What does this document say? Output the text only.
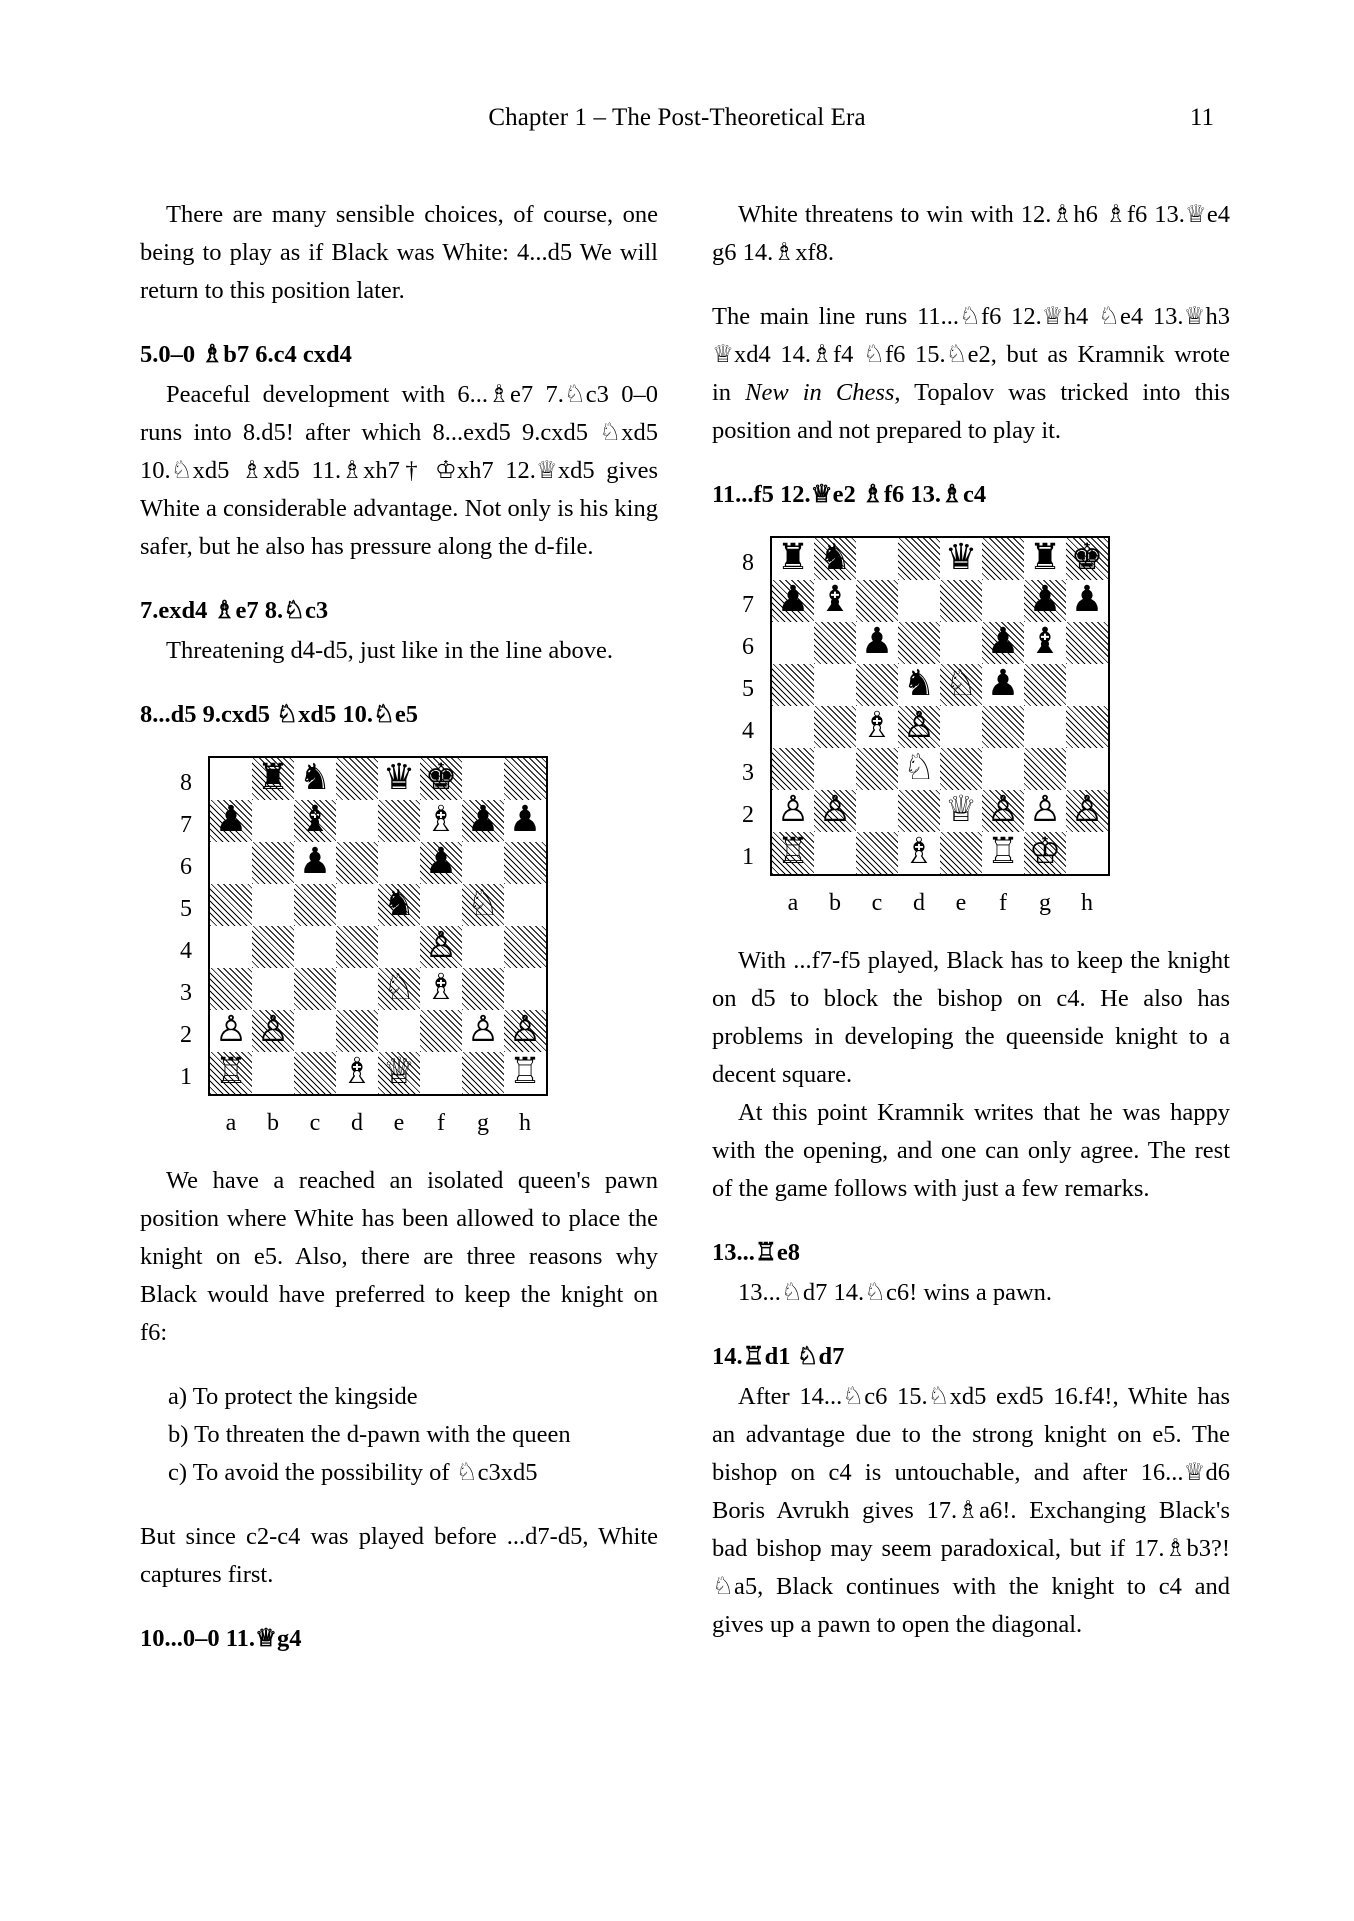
Chapter 1 – The Post-Theoretical Era	11

There are many sensible choices, of course, one being to play as if Black was White: 4...d5 We will return to this position later.

5.0–0 ♗b7 6.c4 cxd4

Peaceful development with 6...♗e7 7.♘c3 0–0 runs into 8.d5! after which 8...exd5 9.cxd5 ♘xd5 10.♘xd5 ♗xd5 11.♗xh7† ♔xh7 12.♕xd5 gives White a considerable advantage. Not only is his king safer, but he also has pressure along the d-file.

7.exd4 ♗e7 8.♘c3

Threatening d4-d5, just like in the line above.

8...d5 9.cxd5 ♘xd5 10.♘e5

♜ ♞ ♛ ♚
♟ ♝	♗ ♟ ♟
♟	♟
♞ ♘
♙
♘ ♗
♙ ♙	♙ ♙
♖	♗ ♕	♖
8
7
6
5
4
3
2
1
a	b	c	d	e	f	g	h

We have a reached an isolated queen's pawn position where White has been allowed to place the knight on e5. Also, there are three reasons why Black would have preferred to keep the knight on f6:

a) To protect the kingside
b) To threaten the d-pawn with the queen
c) To avoid the possibility of ♘c3xd5

But since c2-c4 was played before ...d7-d5, White captures first.

10...0–0 11.♕g4

White threatens to win with 12.♗h6 ♗f6 13.♕e4 g6 14.♗xf8.

The main line runs 11...♘f6 12.♕h4 ♘e4 13.♕h3 ♕xd4 14.♗f4 ♘f6 15.♘e2, but as Kramnik wrote in New in Chess, Topalov was tricked into this position and not prepared to play it.

11...f5 12.♕e2 ♗f6 13.♗c4

♜ ♞	♛ ♜ ♚
♟ ♝	♟ ♟
♟	♟ ♝
♞ ♘ ♟
♗ ♙
♘
♙ ♙	♕ ♙ ♙ ♙
♖	♗ ♖ ♔
8
7
6
5
4
3
2
1
a	b	c	d	e	f	g	h

With ...f7-f5 played, Black has to keep the knight on d5 to block the bishop on c4. He also has problems in developing the queenside knight to a decent square.

At this point Kramnik writes that he was happy with the opening, and one can only agree. The rest of the game follows with just a few remarks.

13...♖e8

13...♘d7 14.♘c6! wins a pawn.

14.♖d1 ♘d7

After 14...♘c6 15.♘xd5 exd5 16.f4!, White has an advantage due to the strong knight on e5. The bishop on c4 is untouchable, and after 16...♕d6 Boris Avrukh gives 17.♗a6!. Exchanging Black's bad bishop may seem paradoxical, but if 17.♗b3?! ♘a5, Black continues with the knight to c4 and gives up a pawn to open the diagonal.
